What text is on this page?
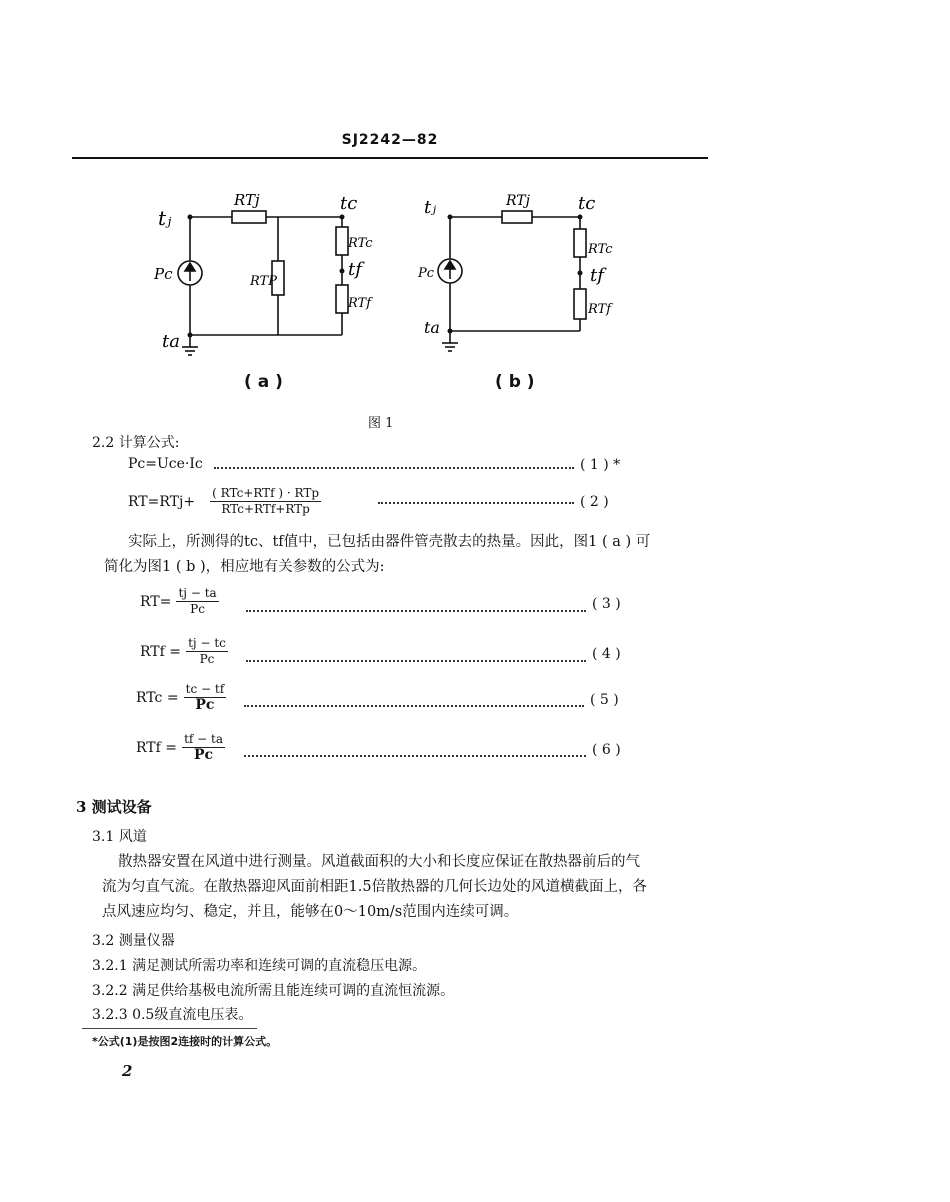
SJ2242—82
tⱼ
RTj	tc
RTc
tf
RTf
RTP
Pc
ta
tⱼ	RTj	tc
RTc
tf
RTf
Pc
ta
( a )	( b )
图 1
2.2 计算公式:
Pc=Uce·Ic	( 1 ) *
$RT=RTj+ \frac{\text{( RTc+RTf ) · RTp}}{\text{RTc+RTf+RTp}}$	( 2 )
实际上，所测得的tc、tf值中，已包括由器件管壳散去的热量。因此，图1 ( a ) 可
简化为图1 ( b )，相应地有关参数的公式为:
$RT= \frac{tj - ta}{Pc}$	( 3 )
RTf = $\frac{tj - tc}{Pc}$	( 4 )
RTc = $\frac{tc - tf}{Pc}$	( 5 )
RTf = $\frac{tf - ta}{Pc}$	( 6 )
3 测试设备
3.1 风道
散热器安置在风道中进行测量。风道截面积的大小和长度应保证在散热器前后的气
流为匀直气流。在散热器迎风面前相距1.5倍散热器的几何长边处的风道横截面上，各
点风速应均匀、稳定，并且，能够在0～10m/s范围内连续可调。
3.2 测量仪器
3.2.1 满足测试所需功率和连续可调的直流稳压电源。
3.2.2 满足供给基极电流所需且能连续可调的直流恒流源。
3.2.3 0.5级直流电压表。
*公式(1)是按图2连接时的计算公式。
2
